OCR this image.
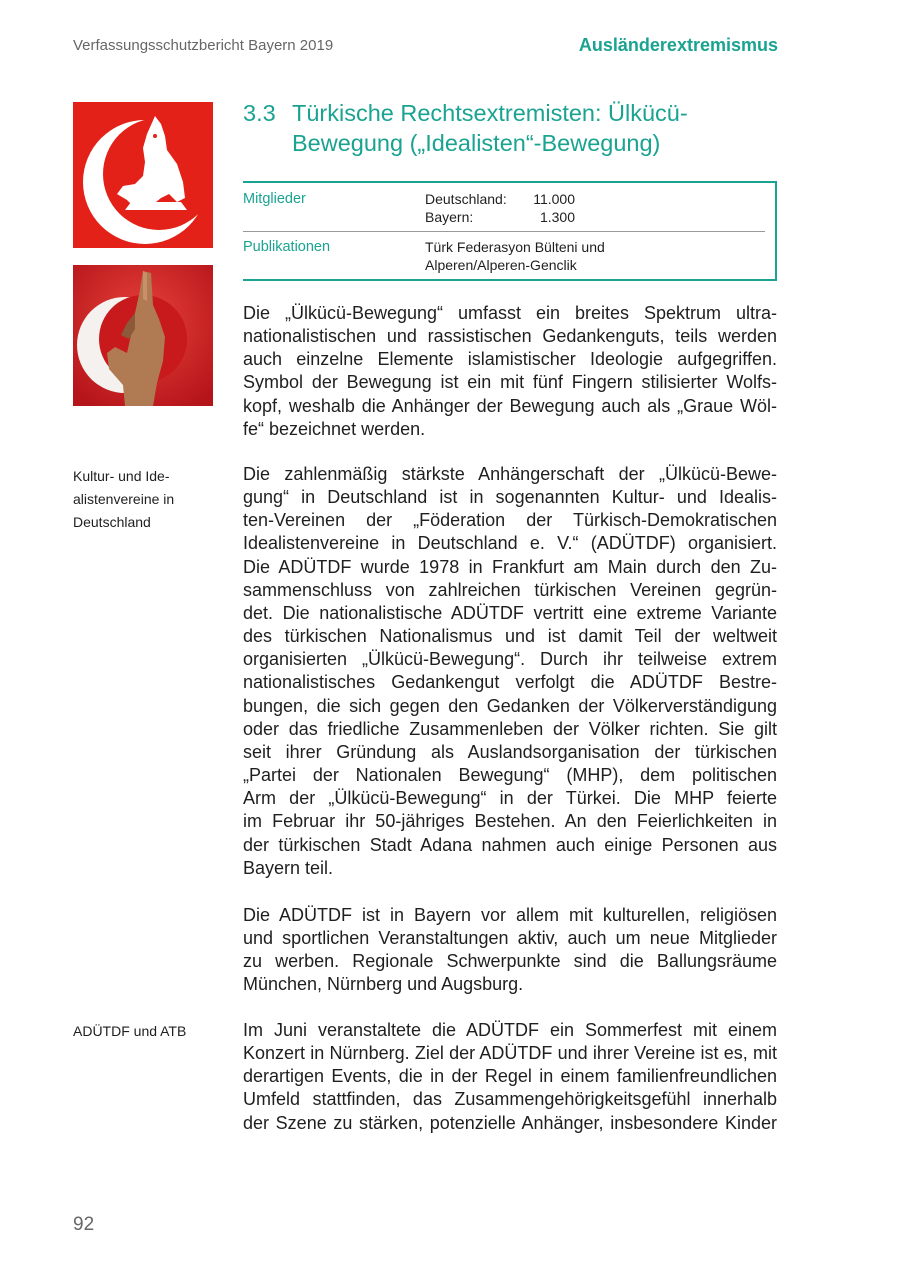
Verfassungsschutzbericht Bayern 2019	Ausländerextremismus
3.3 Türkische Rechtsextremisten: Ülkücü-
Bewegung („Idealisten“-Bewegung)
Mitglieder	Deutschland:	11.000
Bayern:	1.300
Publikationen	Türk Federasyon Bülteni und
Alperen/Alperen-Genclik
Die „Ülkücü-Bewegung“ umfasst ein breites Spektrum ultra-
nationalistischen und rassistischen Gedankenguts, teils werden
auch einzelne Elemente islamistischer Ideologie aufgegriffen.
Symbol der Bewegung ist ein mit fünf Fingern stilisierter Wolfs-
kopf, weshalb die Anhänger der Bewegung auch als „Graue Wöl-
fe“ bezeichnet werden.
Kultur- und Ide-
alistenvereine in
Deutschland
Die zahlenmäßig stärkste Anhängerschaft der „Ülkücü-Bewe-
gung“ in Deutschland ist in sogenannten Kultur- und Idealis-
ten-Vereinen der „Föderation der Türkisch-Demokratischen
Idealistenvereine in Deutschland e. V.“ (ADÜTDF) organisiert.
Die ADÜTDF wurde 1978 in Frankfurt am Main durch den Zu-
sammenschluss von zahlreichen türkischen Vereinen gegrün-
det. Die nationalistische ADÜTDF vertritt eine extreme Variante
des türkischen Nationalismus und ist damit Teil der weltweit
organisierten „Ülkücü-Bewegung“. Durch ihr teilweise extrem
nationalistisches Gedankengut verfolgt die ADÜTDF Bestre-
bungen, die sich gegen den Gedanken der Völkerverständigung
oder das friedliche Zusammenleben der Völker richten. Sie gilt
seit ihrer Gründung als Auslandsorganisation der türkischen
„Partei der Nationalen Bewegung“ (MHP), dem politischen
Arm der „Ülkücü-Bewegung“ in der Türkei. Die MHP feierte
im Februar ihr 50-jähriges Bestehen. An den Feierlichkeiten in
der türkischen Stadt Adana nahmen auch einige Personen aus
Bayern teil.
Die ADÜTDF ist in Bayern vor allem mit kulturellen, religiösen
und sportlichen Veranstaltungen aktiv, auch um neue Mitglieder
zu werben. Regionale Schwerpunkte sind die Ballungsräume
München, Nürnberg und Augsburg.
ADÜTDF und ATB	Im Juni veranstaltete die ADÜTDF ein Sommerfest mit einem
Konzert in Nürnberg. Ziel der ADÜTDF und ihrer Vereine ist es, mit
derartigen Events, die in der Regel in einem familienfreundlichen
Umfeld stattfinden, das Zusammengehörigkeitsgefühl innerhalb
der Szene zu stärken, potenzielle Anhänger, insbesondere Kinder
92
